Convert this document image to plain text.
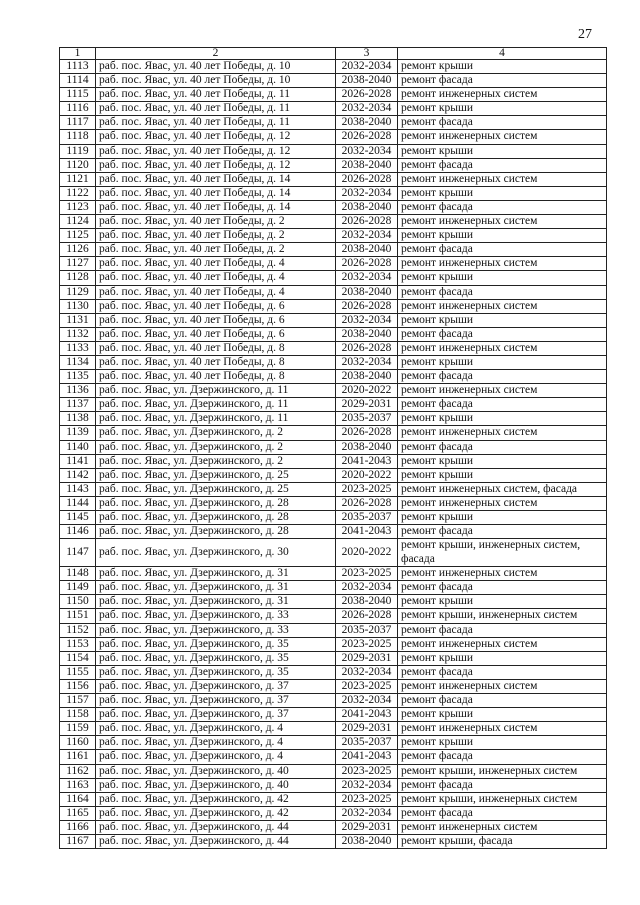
27
1	2	3	4
1113	раб. пос. Явас, ул. 40 лет Победы, д. 10	2032-2034	ремонт крыши
1114	раб. пос. Явас, ул. 40 лет Победы, д. 10	2038-2040	ремонт фасада
1115	раб. пос. Явас, ул. 40 лет Победы, д. 11	2026-2028	ремонт инженерных систем
1116	раб. пос. Явас, ул. 40 лет Победы, д. 11	2032-2034	ремонт крыши
1117	раб. пос. Явас, ул. 40 лет Победы, д. 11	2038-2040	ремонт фасада
1118	раб. пос. Явас, ул. 40 лет Победы, д. 12	2026-2028	ремонт инженерных систем
1119	раб. пос. Явас, ул. 40 лет Победы, д. 12	2032-2034	ремонт крыши
1120	раб. пос. Явас, ул. 40 лет Победы, д. 12	2038-2040	ремонт фасада
1121	раб. пос. Явас, ул. 40 лет Победы, д. 14	2026-2028	ремонт инженерных систем
1122	раб. пос. Явас, ул. 40 лет Победы, д. 14	2032-2034	ремонт крыши
1123	раб. пос. Явас, ул. 40 лет Победы, д. 14	2038-2040	ремонт фасада
1124	раб. пос. Явас, ул. 40 лет Победы, д. 2	2026-2028	ремонт инженерных систем
1125	раб. пос. Явас, ул. 40 лет Победы, д. 2	2032-2034	ремонт крыши
1126	раб. пос. Явас, ул. 40 лет Победы, д. 2	2038-2040	ремонт фасада
1127	раб. пос. Явас, ул. 40 лет Победы, д. 4	2026-2028	ремонт инженерных систем
1128	раб. пос. Явас, ул. 40 лет Победы, д. 4	2032-2034	ремонт крыши
1129	раб. пос. Явас, ул. 40 лет Победы, д. 4	2038-2040	ремонт фасада
1130	раб. пос. Явас, ул. 40 лет Победы, д. 6	2026-2028	ремонт инженерных систем
1131	раб. пос. Явас, ул. 40 лет Победы, д. 6	2032-2034	ремонт крыши
1132	раб. пос. Явас, ул. 40 лет Победы, д. 6	2038-2040	ремонт фасада
1133	раб. пос. Явас, ул. 40 лет Победы, д. 8	2026-2028	ремонт инженерных систем
1134	раб. пос. Явас, ул. 40 лет Победы, д. 8	2032-2034	ремонт крыши
1135	раб. пос. Явас, ул. 40 лет Победы, д. 8	2038-2040	ремонт фасада
1136	раб. пос. Явас, ул. Дзержинского, д. 11	2020-2022	ремонт инженерных систем
1137	раб. пос. Явас, ул. Дзержинского, д. 11	2029-2031	ремонт фасада
1138	раб. пос. Явас, ул. Дзержинского, д. 11	2035-2037	ремонт крыши
1139	раб. пос. Явас, ул. Дзержинского, д. 2	2026-2028	ремонт инженерных систем
1140	раб. пос. Явас, ул. Дзержинского, д. 2	2038-2040	ремонт фасада
1141	раб. пос. Явас, ул. Дзержинского, д. 2	2041-2043	ремонт крыши
1142	раб. пос. Явас, ул. Дзержинского, д. 25	2020-2022	ремонт крыши
1143	раб. пос. Явас, ул. Дзержинского, д. 25	2023-2025	ремонт инженерных систем, фасада
1144	раб. пос. Явас, ул. Дзержинского, д. 28	2026-2028	ремонт инженерных систем
1145	раб. пос. Явас, ул. Дзержинского, д. 28	2035-2037	ремонт крыши
1146	раб. пос. Явас, ул. Дзержинского, д. 28	2041-2043	ремонт фасада
1147	раб. пос. Явас, ул. Дзержинского, д. 30	2020-2022	ремонт крыши, инженерных систем, фасада
1148	раб. пос. Явас, ул. Дзержинского, д. 31	2023-2025	ремонт инженерных систем
1149	раб. пос. Явас, ул. Дзержинского, д. 31	2032-2034	ремонт фасада
1150	раб. пос. Явас, ул. Дзержинского, д. 31	2038-2040	ремонт крыши
1151	раб. пос. Явас, ул. Дзержинского, д. 33	2026-2028	ремонт крыши, инженерных систем
1152	раб. пос. Явас, ул. Дзержинского, д. 33	2035-2037	ремонт фасада
1153	раб. пос. Явас, ул. Дзержинского, д. 35	2023-2025	ремонт инженерных систем
1154	раб. пос. Явас, ул. Дзержинского, д. 35	2029-2031	ремонт крыши
1155	раб. пос. Явас, ул. Дзержинского, д. 35	2032-2034	ремонт фасада
1156	раб. пос. Явас, ул. Дзержинского, д. 37	2023-2025	ремонт инженерных систем
1157	раб. пос. Явас, ул. Дзержинского, д. 37	2032-2034	ремонт фасада
1158	раб. пос. Явас, ул. Дзержинского, д. 37	2041-2043	ремонт крыши
1159	раб. пос. Явас, ул. Дзержинского, д. 4	2029-2031	ремонт инженерных систем
1160	раб. пос. Явас, ул. Дзержинского, д. 4	2035-2037	ремонт крыши
1161	раб. пос. Явас, ул. Дзержинского, д. 4	2041-2043	ремонт фасада
1162	раб. пос. Явас, ул. Дзержинского, д. 40	2023-2025	ремонт крыши, инженерных систем
1163	раб. пос. Явас, ул. Дзержинского, д. 40	2032-2034	ремонт фасада
1164	раб. пос. Явас, ул. Дзержинского, д. 42	2023-2025	ремонт крыши, инженерных систем
1165	раб. пос. Явас, ул. Дзержинского, д. 42	2032-2034	ремонт фасада
1166	раб. пос. Явас, ул. Дзержинского, д. 44	2029-2031	ремонт инженерных систем
1167	раб. пос. Явас, ул. Дзержинского, д. 44	2038-2040	ремонт крыши, фасада
